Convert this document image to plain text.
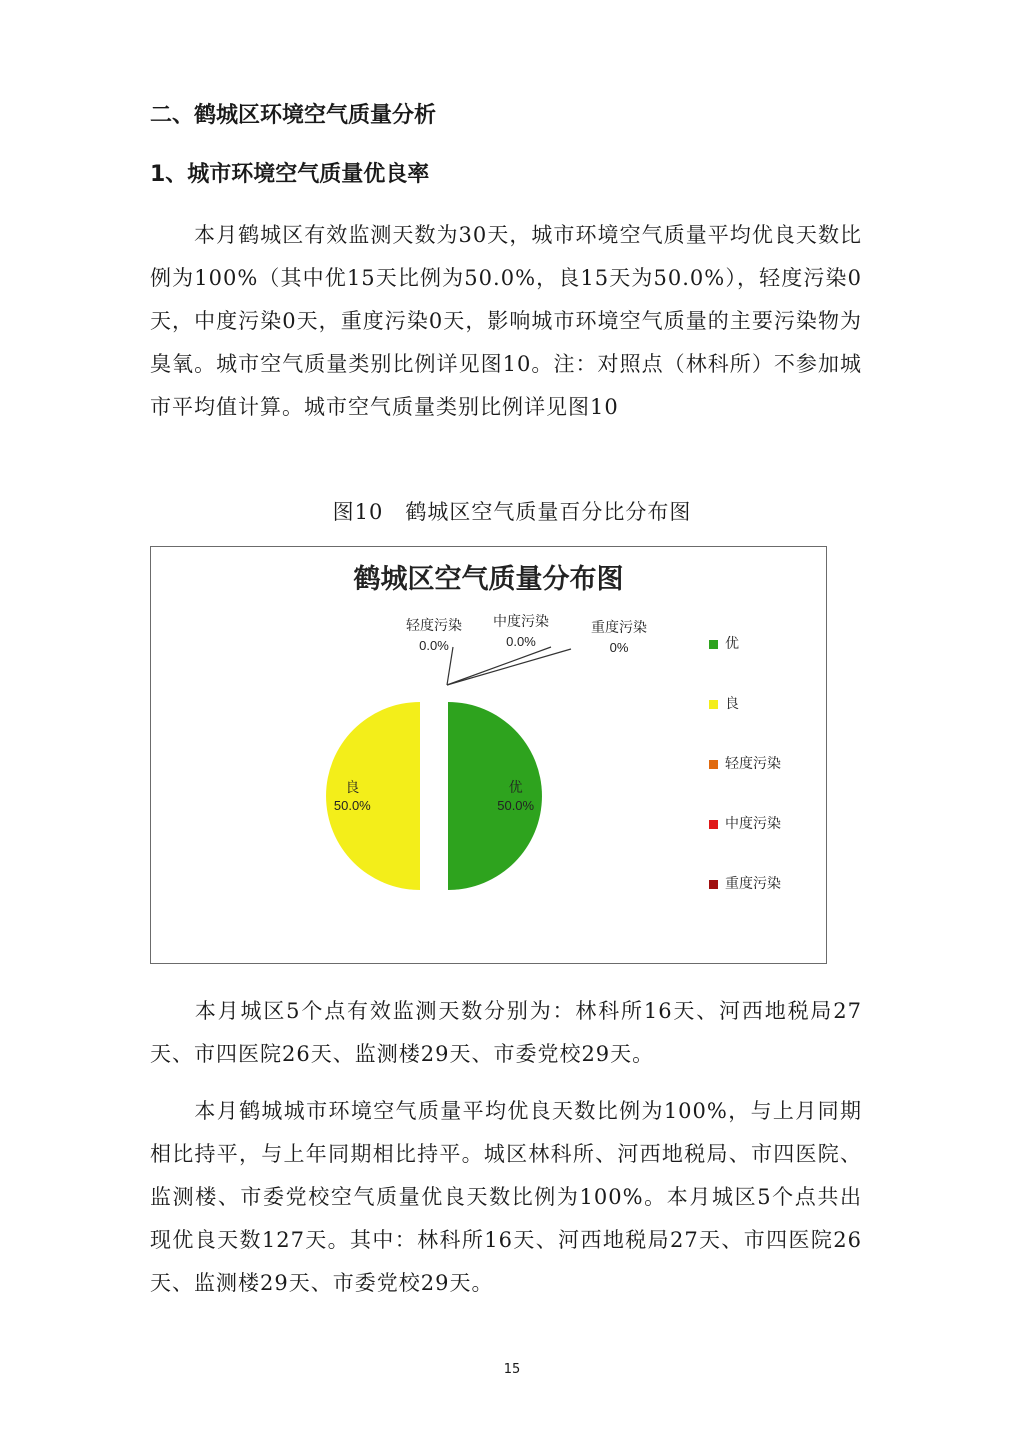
二、鹤城区环境空气质量分析
1、城市环境空气质量优良率
本月鹤城区有效监测天数为30天，城市环境空气质量平均优良天数比例为100%（其中优15天比例为50.0%，良15天为50.0%），轻度污染0天，中度污染0天，重度污染0天，影响城市环境空气质量的主要污染物为臭氧。城市空气质量类别比例详见图10。注：对照点（林科所）不参加城市平均值计算。城市空气质量类别比例详见图10
图10　鹤城区空气质量百分比分布图
鹤城区空气质量分布图
优
50.0%
良
50.0%
轻度污染
0.0%
中度污染
0.0%
重度污染
0%	优
良
轻度污染
中度污染
重度污染
本月城区5个点有效监测天数分别为：林科所16天、河西地税局27天、市四医院26天、监测楼29天、市委党校29天。
本月鹤城城市环境空气质量平均优良天数比例为100%，与上月同期相比持平，与上年同期相比持平。城区林科所、河西地税局、市四医院、监测楼、市委党校空气质量优良天数比例为100%。本月城区5个点共出现优良天数127天。其中：林科所16天、河西地税局27天、市四医院26天、监测楼29天、市委党校29天。
15
